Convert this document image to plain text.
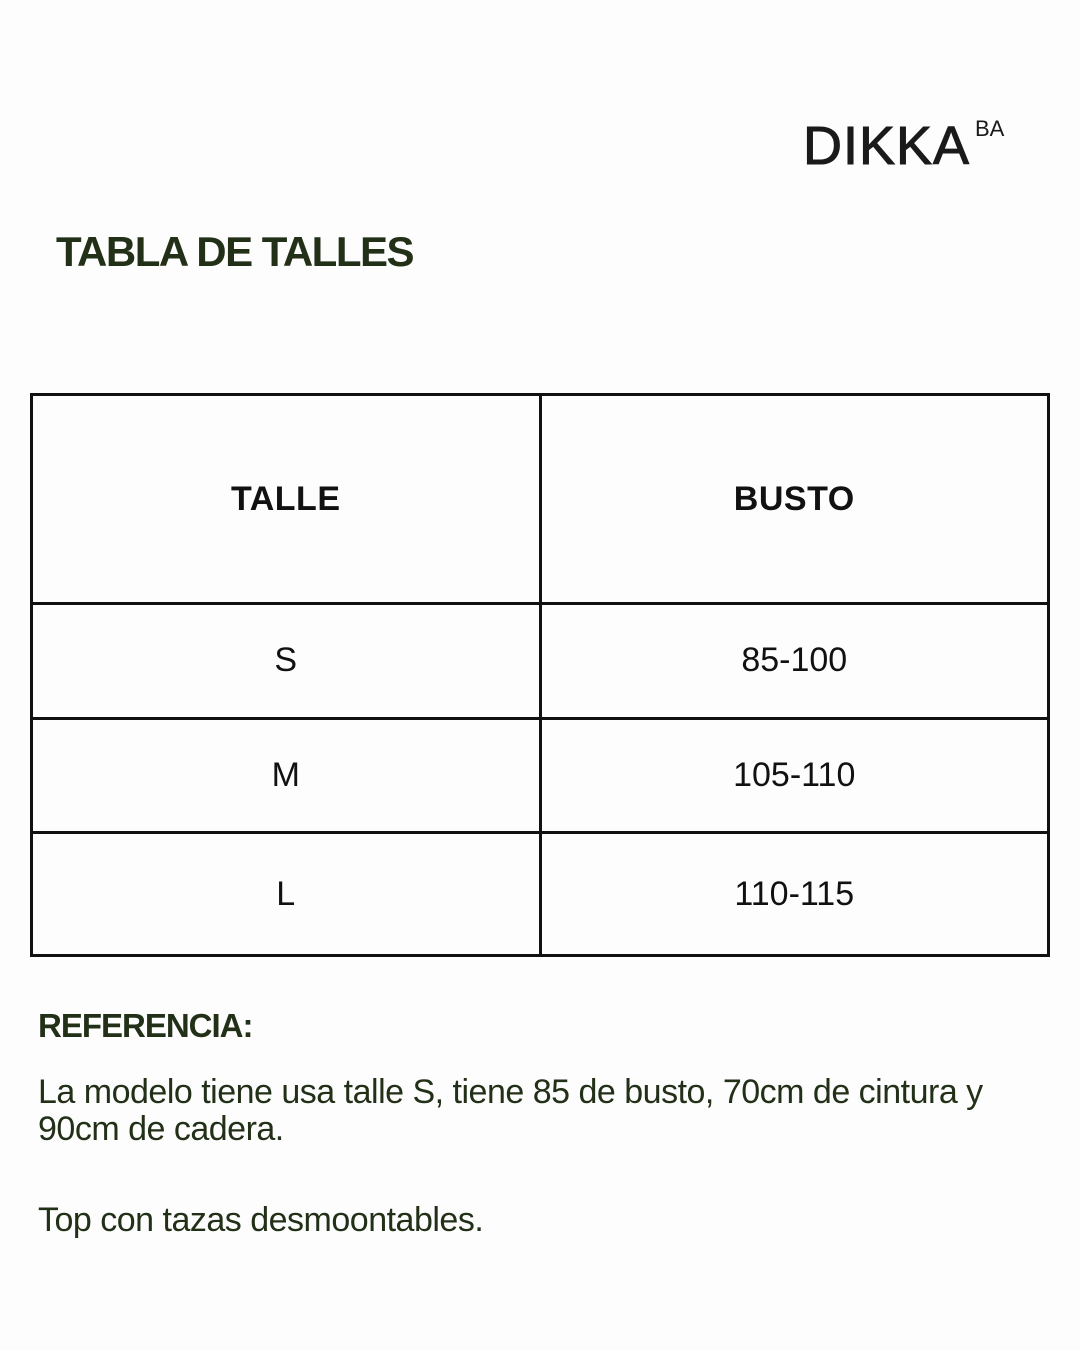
DIKKA BA
TABLA DE TALLES
TALLE	BUSTO
S	85-100
M	105-110
L	110-115
REFERENCIA:

La modelo tiene usa talle S, tiene 85 de busto, 70cm de cintura y 90cm de cadera.

Top con tazas desmoontables.
